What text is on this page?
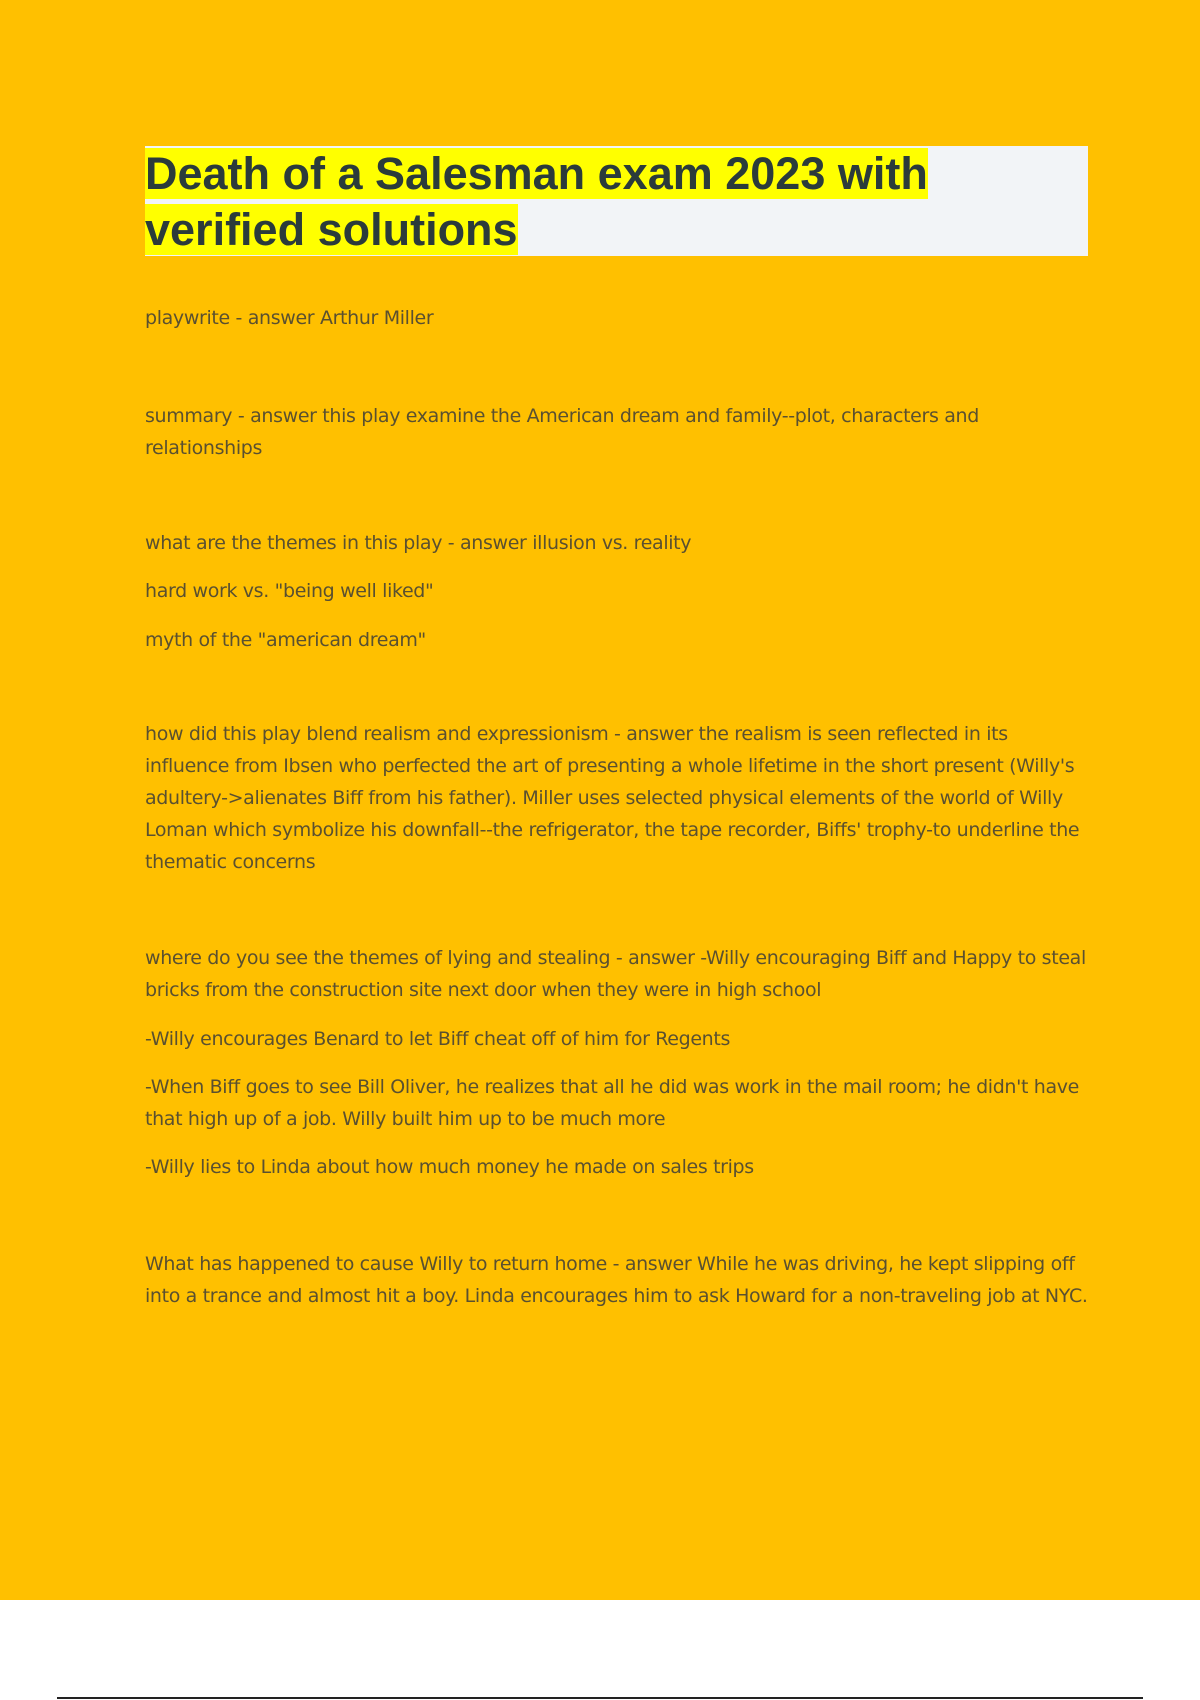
Death of a Salesman exam 2023 with
verified solutions

playwrite - answer Arthur Miller

summary - answer this play examine the American dream and family--plot, characters and relationships

what are the themes in this play - answer illusion vs. reality

hard work vs. "being well liked"

myth of the "american dream"

how did this play blend realism and expressionism - answer the realism is seen reflected in its influence from Ibsen who perfected the art of presenting a whole lifetime in the short present (Willy's adultery->alienates Biff from his father). Miller uses selected physical elements of the world of Willy Loman which symbolize his downfall--the refrigerator, the tape recorder, Biffs' trophy-to underline the thematic concerns

where do you see the themes of lying and stealing - answer -Willy encouraging Biff and Happy to steal bricks from the construction site next door when they were in high school

-Willy encourages Benard to let Biff cheat off of him for Regents

-When Biff goes to see Bill Oliver, he realizes that all he did was work in the mail room; he didn't have that high up of a job. Willy built him up to be much more

-Willy lies to Linda about how much money he made on sales trips

What has happened to cause Willy to return home - answer While he was driving, he kept slipping off into a trance and almost hit a boy. Linda encourages him to ask Howard for a non-traveling job at NYC.
